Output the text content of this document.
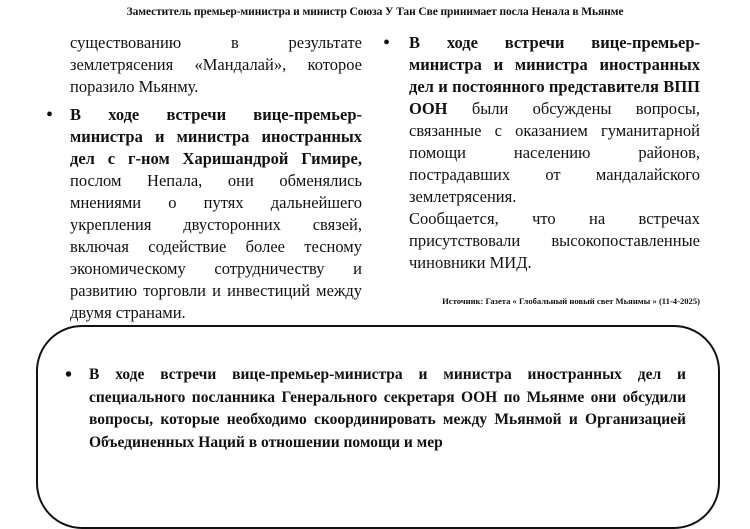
Заместитель премьер-министра и министр Союза У Тан Све принимает посла Ненала в Мьянме

существованию в результате землетрясения «Мандалай», которое поразило Мьянму.

• В ходе встречи вице-премьер-министра и министра иностранных дел с г-ном Харишандрой Гимире, послом Непала, они обменялись мнениями о путях дальнейшего укрепления двусторонних связей, включая содействие более тесному экономическому сотрудничеству и развитию торговли и инвестиций между двумя странами.

• В ходе встречи вице-премьер-министра и министра иностранных дел и постоянного представителя ВПП ООН были обсуждены вопросы, связанные с оказанием гуманитарной помощи населению районов, пострадавших от мандалайского землетрясения.

Сообщается, что на встречах присутствовали высокопоставленные чиновники МИД.

Источник: Газета « Глобальный новый свет Мьянмы » (11-4-2025)
• В ходе встречи вице-премьер-министра и министра иностранных дел и специального посланника Генерального секретаря ООН по Мьянме они обсудили вопросы, которые необходимо скоординировать между Мьянмой и Организацией Объединенных Наций в отношении помощи и мер
